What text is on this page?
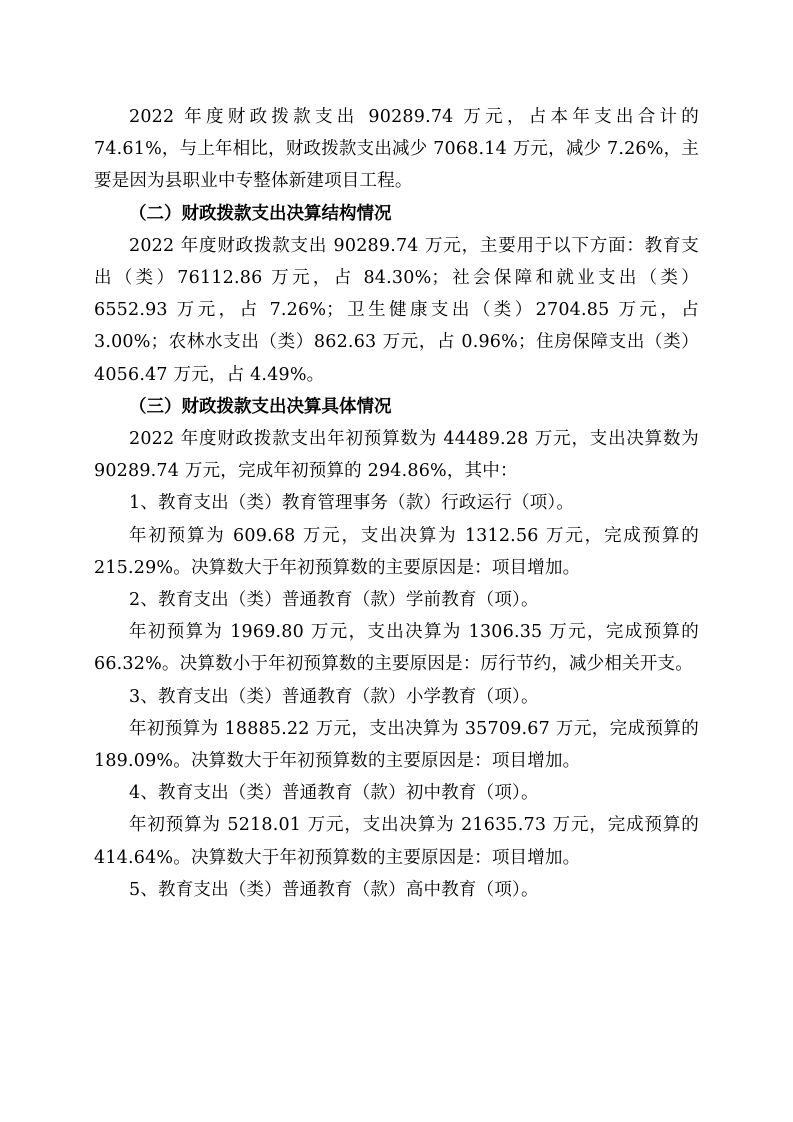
2022 年度财政拨款支出 90289.74 万元，占本年支出合计的 74.61%，与上年相比，财政拨款支出减少 7068.14 万元，减少 7.26%，主要是因为县职业中专整体新建项目工程。

（二）财政拨款支出决算结构情况

2022 年度财政拨款支出 90289.74 万元，主要用于以下方面：教育支出（类）76112.86 万元，占 84.30%；社会保障和就业支出（类）6552.93 万元，占 7.26%；卫生健康支出（类）2704.85 万元，占 3.00%；农林水支出（类）862.63 万元，占 0.96%；住房保障支出（类）4056.47 万元，占 4.49%。

（三）财政拨款支出决算具体情况

2022 年度财政拨款支出年初预算数为 44489.28 万元，支出决算数为 90289.74 万元，完成年初预算的 294.86%，其中：

1、教育支出（类）教育管理事务（款）行政运行（项）。

年初预算为 609.68 万元，支出决算为 1312.56 万元，完成预算的 215.29%。决算数大于年初预算数的主要原因是：项目增加。

2、教育支出（类）普通教育（款）学前教育（项）。

年初预算为 1969.80 万元，支出决算为 1306.35 万元，完成预算的 66.32%。决算数小于年初预算数的主要原因是：厉行节约，减少相关开支。

3、教育支出（类）普通教育（款）小学教育（项）。

年初预算为 18885.22 万元，支出决算为 35709.67 万元，完成预算的 189.09%。决算数大于年初预算数的主要原因是：项目增加。

4、教育支出（类）普通教育（款）初中教育（项）。

年初预算为 5218.01 万元，支出决算为 21635.73 万元，完成预算的 414.64%。决算数大于年初预算数的主要原因是：项目增加。

5、教育支出（类）普通教育（款）高中教育（项）。
